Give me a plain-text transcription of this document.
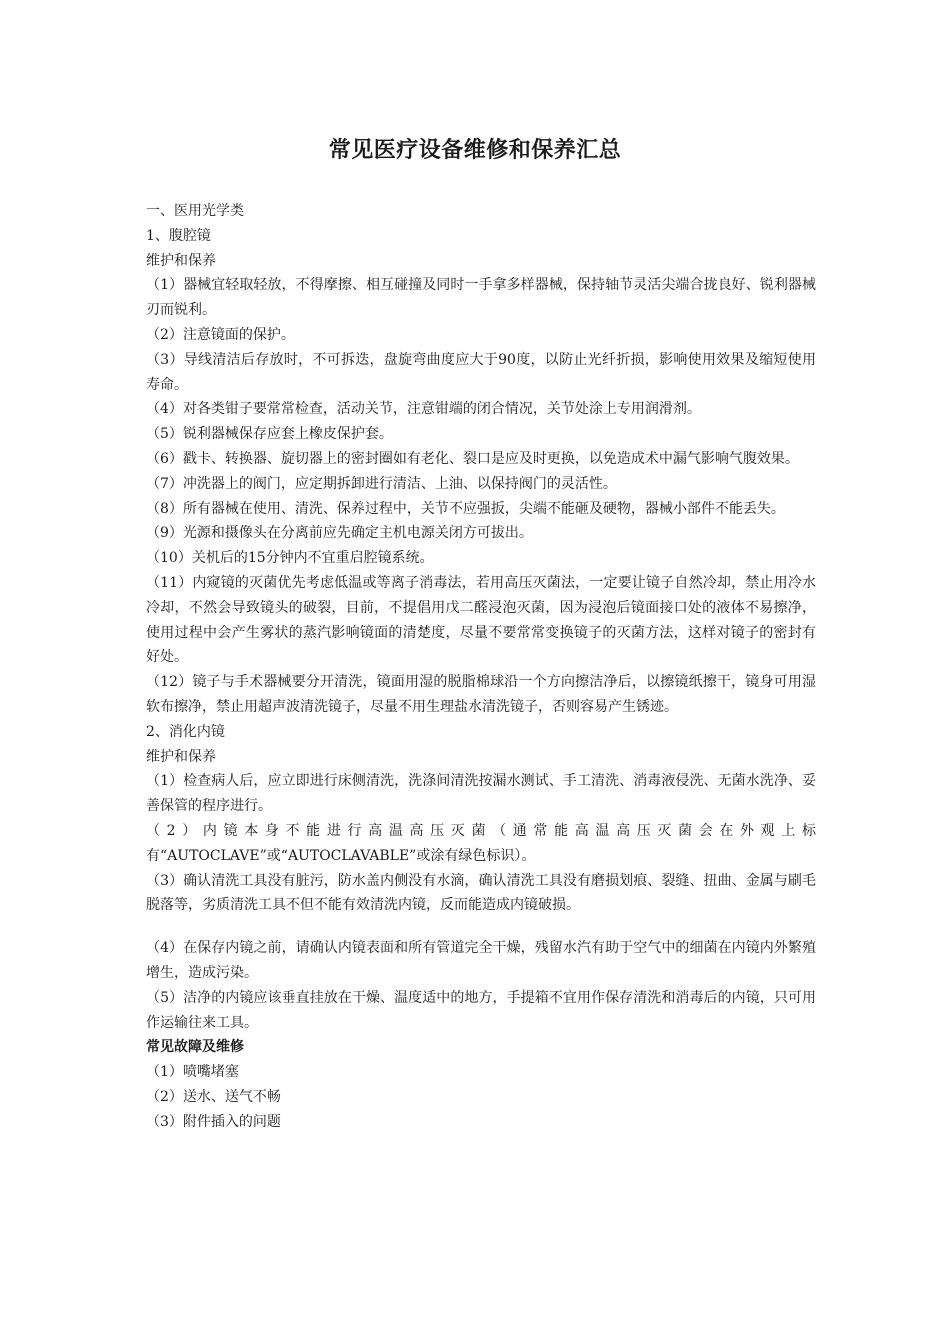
常见医疗设备维修和保养汇总

一、医用光学类

1、腹腔镜

维护和保养

（1）器械宜轻取轻放，不得摩擦、相互碰撞及同时一手拿多样器械，保持轴节灵活尖端合拢良好、锐利器械刃而锐利。

（2）注意镜面的保护。

（3）导线清洁后存放时，不可拆迭，盘旋弯曲度应大于90度，以防止光纤折损，影响使用效果及缩短使用寿命。

（4）对各类钳子要常常检查，活动关节，注意钳端的闭合情况，关节处涂上专用润滑剂。

（5）锐利器械保存应套上橡皮保护套。

（6）戳卡、转换器、旋切器上的密封圈如有老化、裂口是应及时更换，以免造成术中漏气影响气腹效果。

（7）冲洗器上的阀门，应定期拆卸进行清洁、上油、以保持阀门的灵活性。

（8）所有器械在使用、清洗、保养过程中，关节不应强扳，尖端不能砸及硬物，器械小部件不能丢失。

（9）光源和摄像头在分离前应先确定主机电源关闭方可拔出。

（10）关机后的15分钟内不宜重启腔镜系统。

（11）内窥镜的灭菌优先考虑低温或等离子消毒法，若用高压灭菌法，一定要让镜子自然冷却，禁止用冷水冷却，不然会导致镜头的破裂，目前，不提倡用戊二醛浸泡灭菌，因为浸泡后镜面接口处的液体不易擦净，使用过程中会产生雾状的蒸汽影响镜面的清楚度，尽量不要常常变换镜子的灭菌方法，这样对镜子的密封有好处。

（12）镜子与手术器械要分开清洗，镜面用湿的脱脂棉球沿一个方向擦洁净后，以擦镜纸擦干，镜身可用湿软布擦净，禁止用超声波清洗镜子，尽量不用生理盐水清洗镜子，否则容易产生锈迹。

2、消化内镜

维护和保养

（1）检查病人后，应立即进行床侧清洗，洗涤间清洗按漏水测试、手工清洗、消毒液侵洗、无菌水洗净、妥善保管的程序进行。

（2）内镜本身不能进行高温高压灭菌（通常能高温高压灭菌会在外观上标有“AUTOCLAVE”或“AUTOCLAVABLE”或涂有绿色标识）。

（3）确认清洗工具没有脏污，防水盖内侧没有水滴，确认清洗工具没有磨损划痕、裂缝、扭曲、金属与刷毛脱落等，劣质清洗工具不但不能有效清洗内镜，反而能造成内镜破损。

（4）在保存内镜之前，请确认内镜表面和所有管道完全干燥，残留水汽有助于空气中的细菌在内镜内外繁殖增生，造成污染。

（5）洁净的内镜应该垂直挂放在干燥、温度适中的地方，手提箱不宜用作保存清洗和消毒后的内镜，只可用作运输往来工具。

常见故障及维修

（1）喷嘴堵塞

（2）送水、送气不畅

（3）附件插入的问题
